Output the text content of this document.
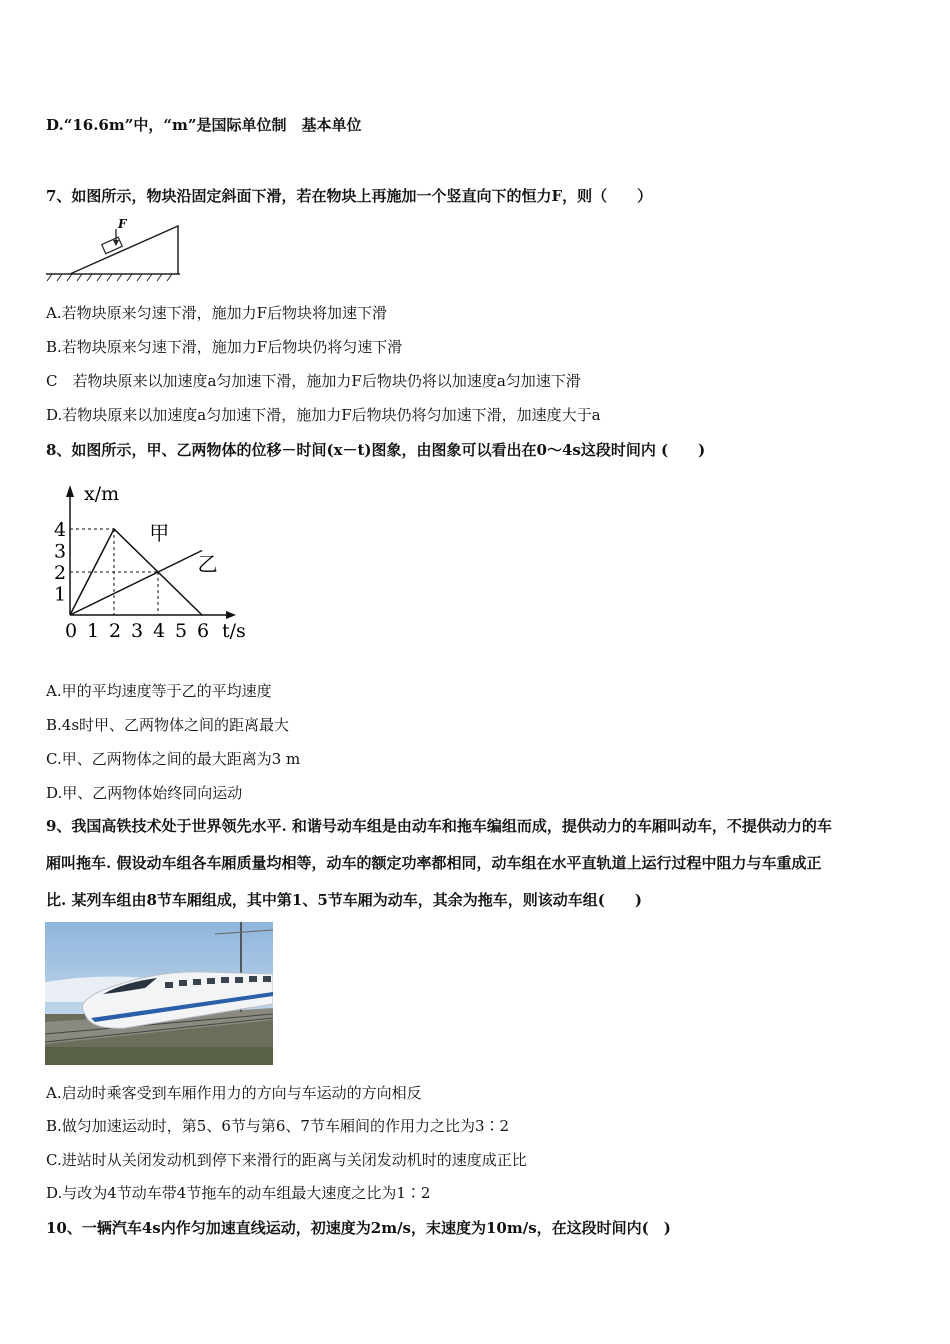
D.“16.6m”中，“m”是国际单位制　基本单位
7、如图所示，物块沿固定斜面下滑，若在物块上再施加一个竖直向下的恒力F，则（　　）
F
A.若物块原来匀速下滑，施加力F后物块将加速下滑
B.若物块原来匀速下滑，施加力F后物块仍将匀速下滑
C　若物块原来以加速度a匀加速下滑，施加力F后物块仍将以加速度a匀加速下滑
D.若物块原来以加速度a匀加速下滑，施加力F后物块仍将匀加速下滑，加速度大于a
8、如图所示，甲、乙两物体的位移－时间(x－t)图象，由图象可以看出在0～4s这段时间内 (　　)
甲
乙
0 1 2 3 4 5 6
1
2
3
4
x/m
t/s
A.甲的平均速度等于乙的平均速度
B.4s时甲、乙两物体之间的距离最大
C.甲、乙两物体之间的最大距离为3 m
D.甲、乙两物体始终同向运动
9、我国高铁技术处于世界领先水平. 和谐号动车组是由动车和拖车编组而成，提供动力的车厢叫动车，不提供动力的车
厢叫拖车. 假设动车组各车厢质量均相等，动车的额定功率都相同，动车组在水平直轨道上运行过程中阻力与车重成正
比. 某列车组由8节车厢组成，其中第1、5节车厢为动车，其余为拖车，则该动车组(　　)
A.启动时乘客受到车厢作用力的方向与车运动的方向相反
B.做匀加速运动时，第5、6节与第6、7节车厢间的作用力之比为3∶2
C.进站时从关闭发动机到停下来滑行的距离与关闭发动机时的速度成正比
D.与改为4节动车带4节拖车的动车组最大速度之比为1∶2
10、一辆汽车4s内作匀加速直线运动，初速度为2m/s，末速度为10m/s，在这段时间内(　)
